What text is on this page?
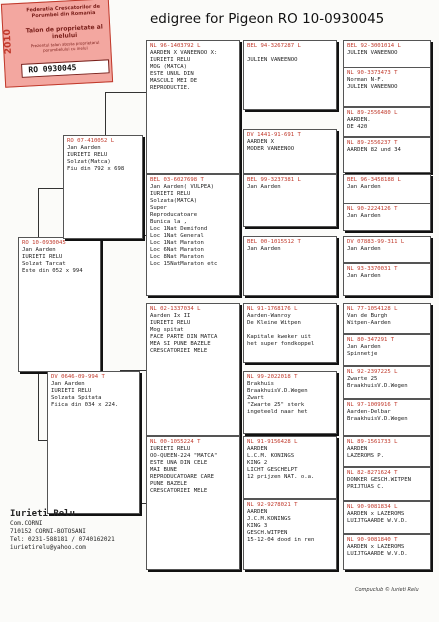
edigree for Pigeon RO 10-0930045
2010
Federatia Crescatorilor de Porumbei din Romania
Talon de proprietate al inelului
Prezentul talon atesta proprietarul porumbelului cu inelul
RO 0930045
RO 10-0930045
Jan Aarden
IURIETI RELU
Solzat Tarcat
Este din 052 x 994
RO 07-410052 L
Jan Aarden
IURIETI RELU
Solzat(Matca)
Fiu din 792 x 698
DV 0646-09-994 T
Jan Aarden
IURIETI RELU
Solzata Spitata
Fiica din 034 x 224.
NL 96-1403792 L
AARDEN X VANEENOO X:
IURIETI RELU
MOG (MATCA)
ESTE UNUL DIN
MASCULI MEI DE
REPRODUCTIE.
BEL 03-6027698 T
Jan Aarden( VULPEA)
IURIETI RELU
Solzata(MATCA)
Super
Reproducatoare
Bunica la ,
Loc 1Nat Demifond
Loc 1Nat General
Loc 1Nat Maraton
Loc 6Nat Maraton
Loc 8Nat Maraton
Loc 15NatMaraton etc
NL 02-1337034 L
Aarden Ix II
IURIETI RELU
Mog spitat
FACE PARTE DIN MATCA
MEA SI PUNE BAZELE
CRESCATORIEI MELE
NL 00-1055224 T
IURIETI RELU
OO-QUEEN-224 "MATCA"
ESTE UNA DIN CELE
MAI BUNE
REPRODUCATOARE CARE
PUNE BAZELE
CRESCATORIEI MELE
BEL 94-3267287 L

JULIEN VANEENOO
DV 1441-91-691 T
AARDEN X
MODER VANEENOO
BEL 99-3237381 L
Jan Aarden
BEL 00-1015512 T
Jan Aarden
NL 91-1768176 L
Aarden-Wanroy
De Kleine Witpen

Kapitale kweker uit
het super fondkoppel
NL 99-2022018 T
Brakhuis
BraakhuisV.D.Wegen
Zwart
"Zwarte 25" sterk
ingeteeld naar het
NL 91-9156428 L
AARDEN
L.C.M. KONINGS
KING 2
LICHT GESCHELPT
12 prijzen NAT. o.a.
NL 92-9278021 T
AARDEN
J.C.M.KONINGS
KING 3
GESCH.WITPEN
15-12-04 dood in ren
BEL 92-3001014 L
JULIEN VANEENOO
NL 90-3373473 T
Norman N-F.
JULIEN VANEENOO
NL 89-2556480 L
AARDEN.
DE 420
NL 89-2556237 T
AARDEN 82 und 34
BEL 96-3458188 L
Jan Aarden
NL 90-2224126 T
Jan Aarden
DV 07883-99-311 L
Jan Aarden
NL 93-3370031 T
Jan Aarden
NL 77-1054128 L
Van de Burgh
Witpen-Aarden
NL 80-347291 T
Jan Aarden
Spinnetje
NL 92-2397225 L
Zwarte 25
BraakhuisV.D.Wegen
NL 97-1009916 T
Aarden-Delbar
BraakhuisV.D.Wegen
NL 89-1561733 L
AARDEN
LAZEROMS P.
NL 82-8271624 T
DONKER GESCH.WITPEN
PRIJTUAS C.
NL 90-9081834 L
AARDEN x LAZEROMS
LUIJTGAARDE W.V.D.
NL 90-9081840 T
AARDEN x LAZEROMS
LUIJTGAARDE W.V.D.
Iurieti Relu
Com.CORNI
710152 CORNI-BOTOSANI
Tel: 0231-588181 / 0740162021
iurietirelu@yahoo.com
Compuclub © Iurieti Relu
